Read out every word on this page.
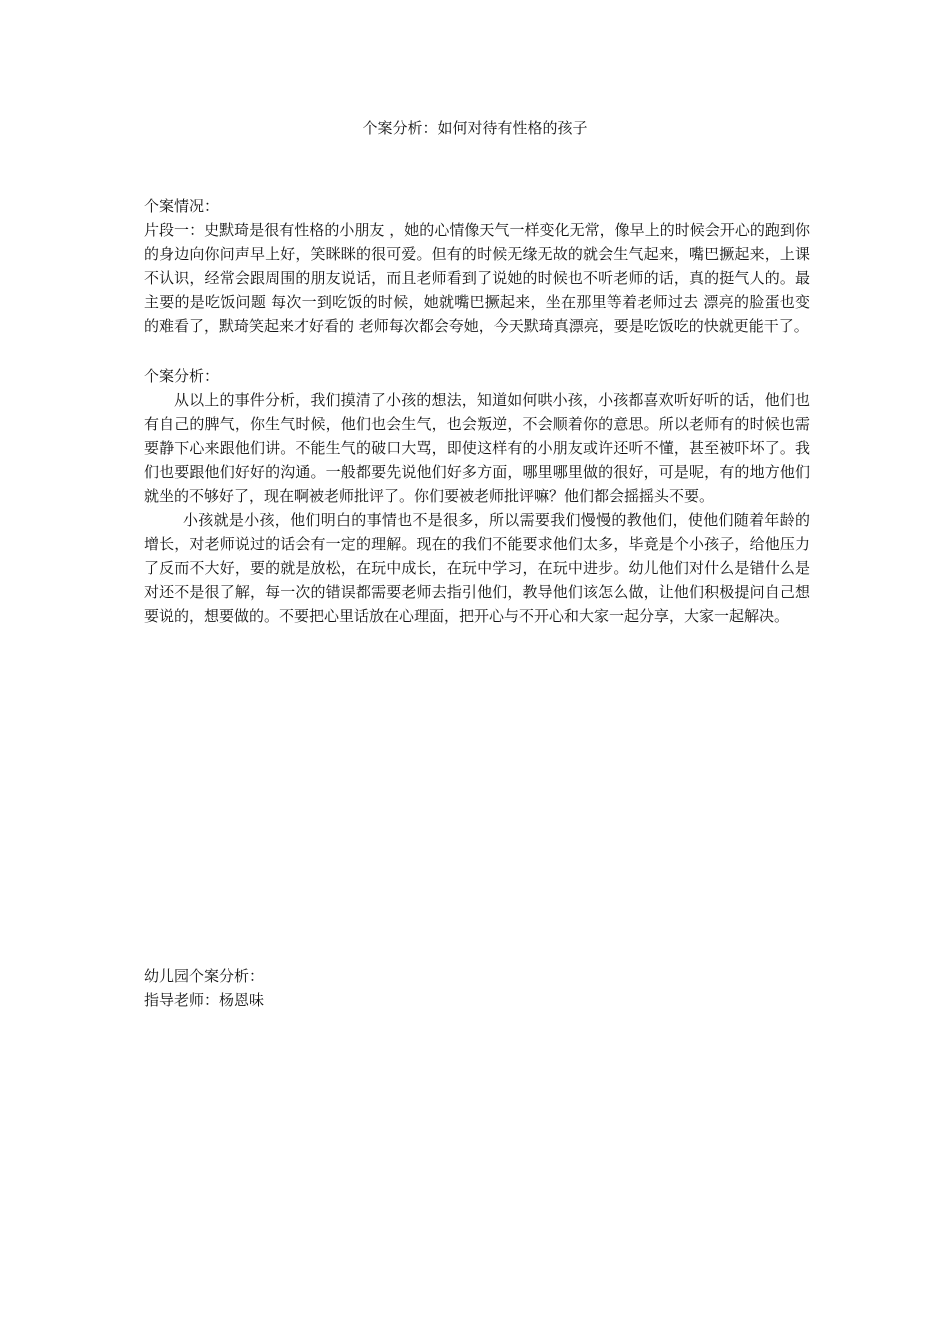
个案分析：如何对待有性格的孩子

个案情况：

片段一：史默琦是很有性格的小朋友 ，她的心情像天气一样变化无常，像早上的时候会开心的跑到你的身边向你问声早上好，笑眯眯的很可爱。但有的时候无缘无故的就会生气起来，嘴巴撅起来，上课不认识，经常会跟周围的朋友说话，而且老师看到了说她的时候也不听老师的话，真的挺气人的。最主要的是吃饭问题 每次一到吃饭的时候，她就嘴巴撅起来，坐在那里等着老师过去 漂亮的脸蛋也变的难看了，默琦笑起来才好看的 老师每次都会夸她，今天默琦真漂亮，要是吃饭吃的快就更能干了。

个案分析：

从以上的事件分析，我们摸清了小孩的想法，知道如何哄小孩，小孩都喜欢听好听的话，他们也有自己的脾气，你生气时候，他们也会生气，也会叛逆，不会顺着你的意思。所以老师有的时候也需要静下心来跟他们讲。不能生气的破口大骂，即使这样有的小朋友或许还听不懂，甚至被吓坏了。我们也要跟他们好好的沟通。一般都要先说他们好多方面，哪里哪里做的很好，可是呢，有的地方他们就坐的不够好了，现在啊被老师批评了。你们要被老师批评嘛？他们都会摇摇头不要。

小孩就是小孩，他们明白的事情也不是很多，所以需要我们慢慢的教他们，使他们随着年龄的增长，对老师说过的话会有一定的理解。现在的我们不能要求他们太多，毕竟是个小孩子，给他压力了反而不大好，要的就是放松，在玩中成长，在玩中学习，在玩中进步。幼儿他们对什么是错什么是对还不是很了解，每一次的错误都需要老师去指引他们，教导他们该怎么做，让他们积极提问自己想要说的，想要做的。不要把心里话放在心理面，把开心与不开心和大家一起分享，大家一起解决。

幼儿园个案分析：

指导老师：杨恩味
